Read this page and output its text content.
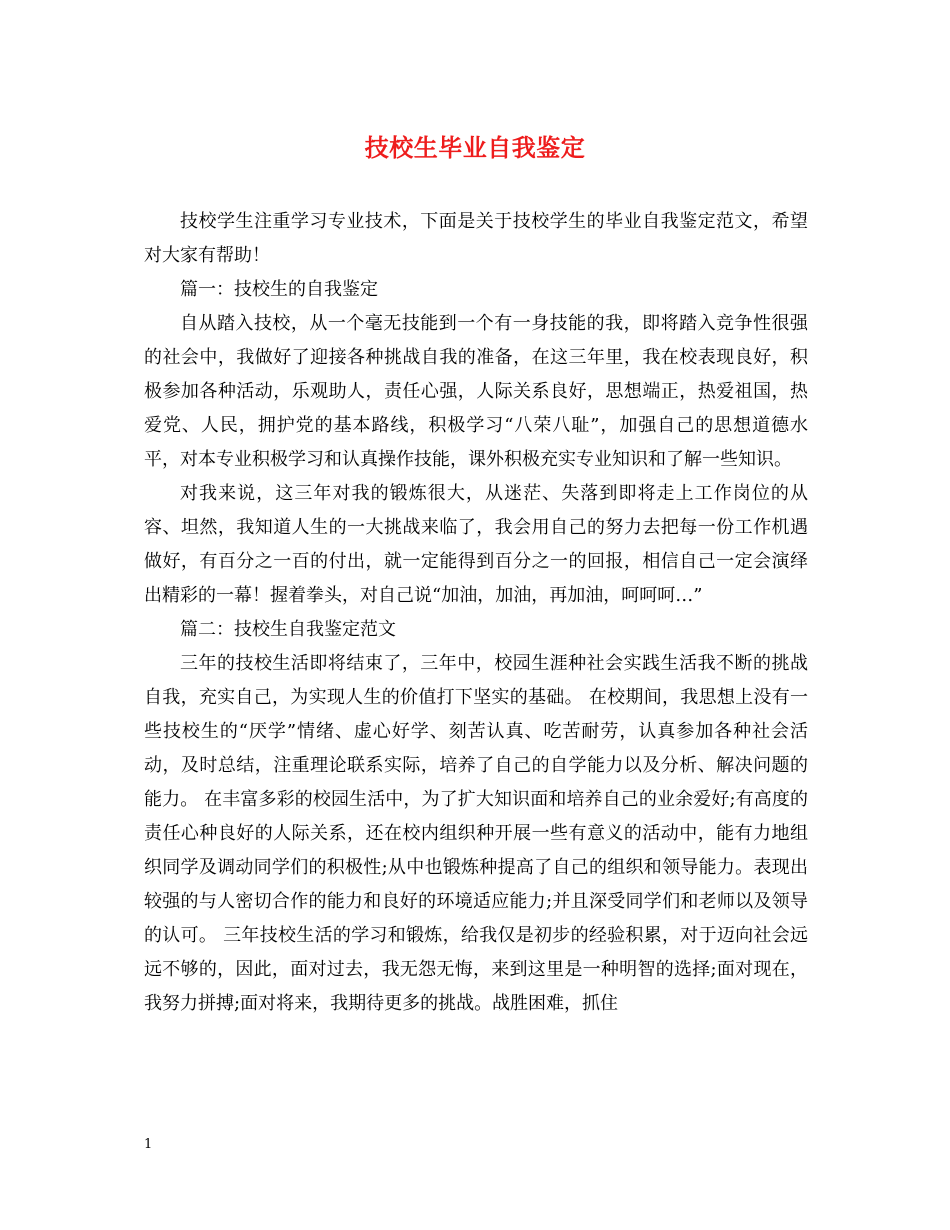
技校生毕业自我鉴定

技校学生注重学习专业技术，下面是关于技校学生的毕业自我鉴定范文，希望对大家有帮助！

篇一：技校生的自我鉴定

自从踏入技校，从一个毫无技能到一个有一身技能的我，即将踏入竞争性很强的社会中，我做好了迎接各种挑战自我的准备，在这三年里，我在校表现良好，积极参加各种活动，乐观助人，责任心强，人际关系良好，思想端正，热爱祖国，热爱党、人民，拥护党的基本路线，积极学习“八荣八耻”，加强自己的思想道德水平，对本专业积极学习和认真操作技能，课外积极充实专业知识和了解一些知识。

对我来说，这三年对我的锻炼很大，从迷茫、失落到即将走上工作岗位的从容、坦然，我知道人生的一大挑战来临了，我会用自己的努力去把每一份工作机遇做好，有百分之一百的付出，就一定能得到百分之一的回报，相信自己一定会演绎出精彩的一幕！握着拳头，对自己说“加油，加油，再加油，呵呵呵…”

篇二：技校生自我鉴定范文

三年的技校生活即将结束了，三年中，校园生涯种社会实践生活我不断的挑战自我，充实自己，为实现人生的价值打下坚实的基础。 在校期间，我思想上没有一些技校生的“厌学”情绪、虚心好学、刻苦认真、吃苦耐劳，认真参加各种社会活动，及时总结，注重理论联系实际，培养了自己的自学能力以及分析、解决问题的能力。 在丰富多彩的校园生活中，为了扩大知识面和培养自己的业余爱好;有高度的责任心种良好的人际关系，还在校内组织种开展一些有意义的活动中，能有力地组织同学及调动同学们的积极性;从中也锻炼种提高了自己的组织和领导能力。表现出较强的与人密切合作的能力和良好的环境适应能力;并且深受同学们和老师以及领导的认可。 三年技校生活的学习和锻炼，给我仅是初步的经验积累，对于迈向社会远远不够的，因此，面对过去，我无怨无悔，来到这里是一种明智的选择;面对现在，我努力拼搏;面对将来，我期待更多的挑战。战胜困难，抓住

1
